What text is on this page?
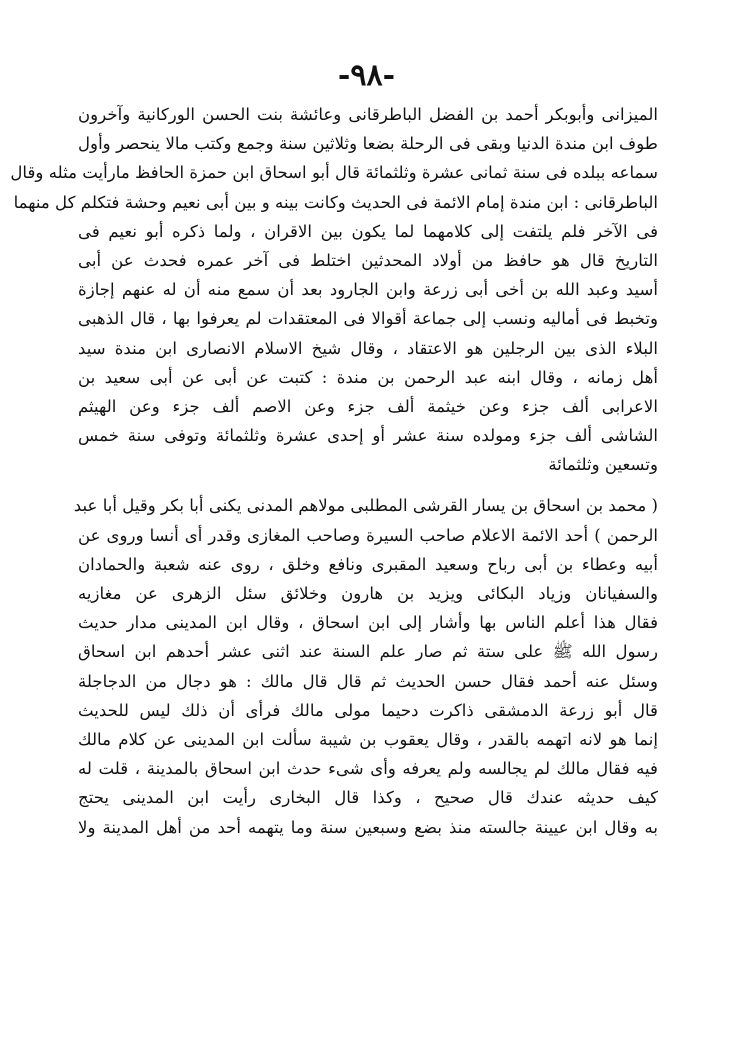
-٩٨-
الميزانى وأبوبكر أحمد بن الفضل الباطرقانى وعائشة بنت الحسن الوركانية وآخرون
طوف ابن مندة الدنيا وبقى فى الرحلة بضعا وثلاثين سنة وجمع وكتب مالا ينحصر وأول
سماعه ببلده فى سنة ثمانى عشرة وثلثمائة قال أبو اسحاق ابن حمزة الحافظ مارأيت مثله وقال
الباطرقانى : ابن مندة إمام الائمة فى الحديث وكانت بينه و بين أبى نعيم وحشة فتكلم كل منهما
فى الآخر فلم يلتفت إلى كلامهما لما يكون بين الاقران ، ولما ذكره أبو نعيم فى
التاريخ قال هو حافظ من أولاد المحدثين اختلط فى آخر عمره فحدث عن أبى
أسيد وعبد الله بن أخى أبى زرعة وابن الجارود بعد أن سمع منه أن له عنهم إجازة
وتخبط فى أماليه ونسب إلى جماعة أقوالا فى المعتقدات لم يعرفوا بها ، قال الذهبى
البلاء الذى بين الرجلين هو الاعتقاد ، وقال شيخ الاسلام الانصارى ابن مندة سيد
أهل زمانه ، وقال ابنه عبد الرحمن بن مندة : كتبت عن أبى عن أبى سعيد بن
الاعرابى ألف جزء وعن خيثمة ألف جزء وعن الاصم ألف جزء وعن الهيثم
الشاشى ألف جزء ومولده سنة عشر أو إحدى عشرة وثلثمائة وتوفى سنة خمس
وتسعين وثلثمائة
( محمد بن اسحاق بن يسار القرشى المطلبى مولاهم المدنى يكنى أبا بكر وقيل أبا عبد
الرحمن ) أحد الائمة الاعلام صاحب السيرة وصاحب المغازى وقدر أى أنسا وروى عن
أبيه وعطاء بن أبى رباح وسعيد المقبرى ونافع وخلق ، روى عنه شعبة والحمادان
والسفيانان وزياد البكائى ويزيد بن هارون وخلائق سئل الزهرى عن مغازيه
فقال هذا أعلم الناس بها وأشار إلى ابن اسحاق ، وقال ابن المدينى مدار حديث
رسول الله ﷺ على ستة ثم صار علم السنة عند اثنى عشر أحدهم ابن اسحاق
وسئل عنه أحمد فقال حسن الحديث ثم قال قال مالك : هو دجال من الدجاجلة
قال أبو زرعة الدمشقى ذاكرت دحيما مولى مالك فرأى أن ذلك ليس للحديث
إنما هو لانه اتهمه بالقدر ، وقال يعقوب بن شيبة سألت ابن المدينى عن كلام مالك
فيه فقال مالك لم يجالسه ولم يعرفه وأى شىء حدث ابن اسحاق بالمدينة ، قلت له
كيف حديثه عندك قال صحيح ، وكذا قال البخارى رأيت ابن المدينى يحتج
به وقال ابن عيينة جالسته منذ بضع وسبعين سنة وما يتهمه أحد من أهل المدينة ولا
